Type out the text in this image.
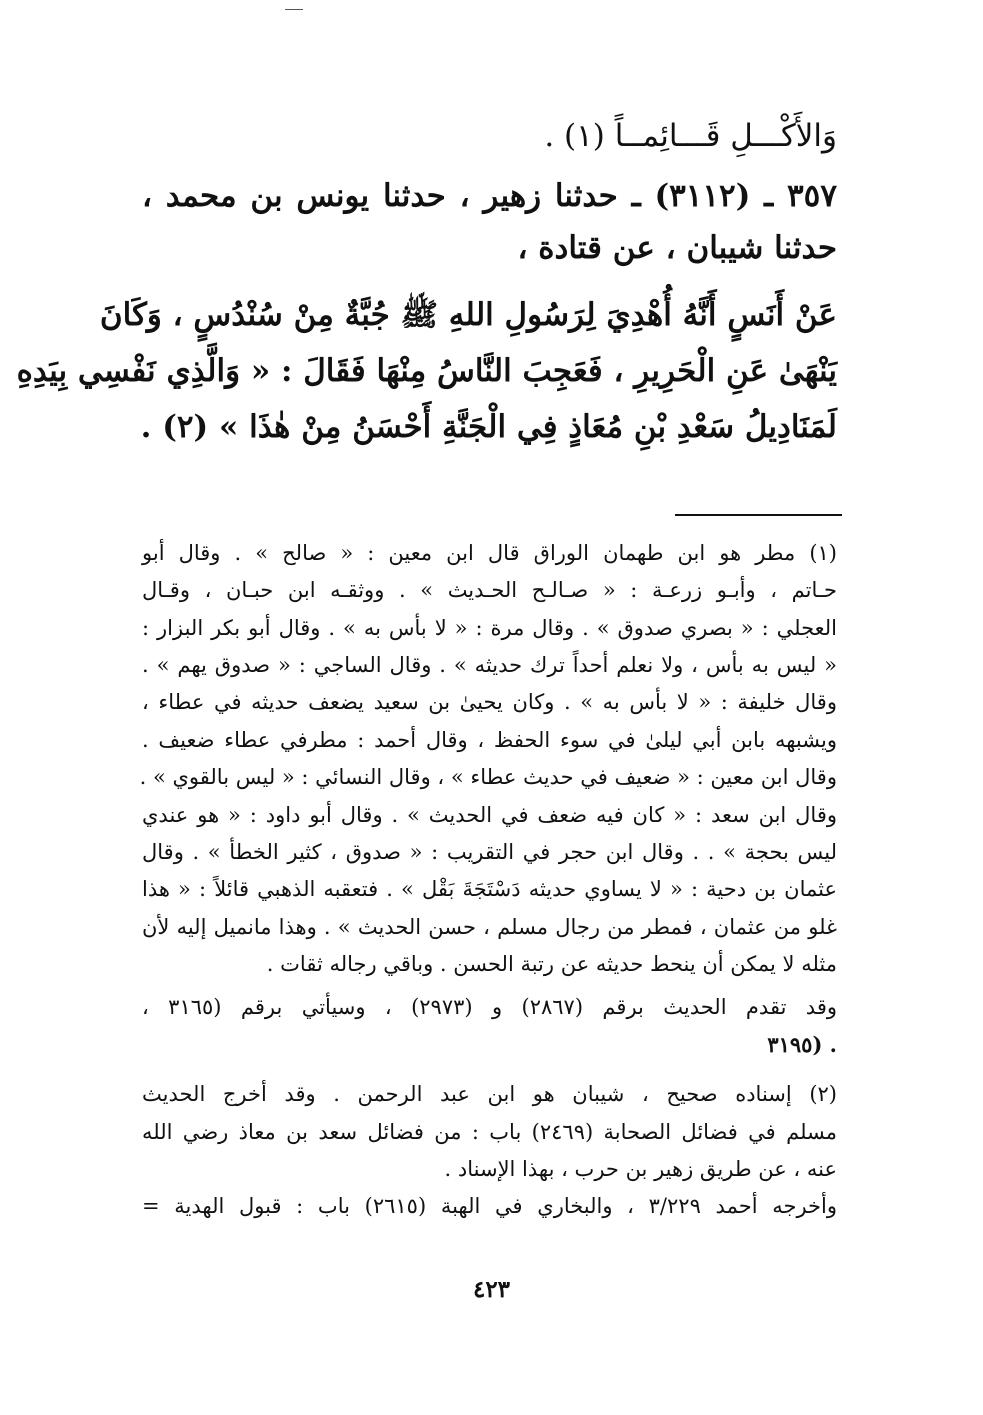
وَالأَكْـــلِ قَـــائِمــاً (١) .
٣٥٧ ـ (٣١١٢) ـ حدثنا زهير ، حدثنا يونس بن محمد ،
حدثنا شيبان ، عن قتادة ،
عَنْ أَنَسٍ أَنَّهُ أُهْدِيَ لِرَسُولِ اللهِ ﷺ جُبَّةٌ مِنْ سُنْدُسٍ ، وَكَانَ
يَنْهَىٰ عَنِ الْحَرِيرِ ، فَعَجِبَ النَّاسُ مِنْهَا فَقَالَ : « وَالَّذِي نَفْسِي بِيَدِهِ
لَمَنَادِيلُ سَعْدِ بْنِ مُعَاذٍ فِي الْجَنَّةِ أَحْسَنُ مِنْ هٰذَا » (٢) .
(١) مطر هو ابن طهمان الوراق قال ابن معين : « صالح » . وقال أبو
حـاتم ، وأبـو زرعـة : « صـالـح الحـديث » . ووثقـه ابن حبـان ، وقـال
العجلي : « بصري صدوق » . وقال مرة : « لا بأس به » . وقال أبو بكر البزار :
« ليس به بأس ، ولا نعلم أحداً ترك حديثه » . وقال الساجي : « صدوق يهم » .
وقال خليفة : « لا بأس به » . وكان يحيىٰ بن سعيد يضعف حديثه في عطاء ،
ويشبهه بابن أبي ليلىٰ في سوء الحفظ ، وقال أحمد : مطرفي عطاء ضعيف .
وقال ابن معين : « ضعيف في حديث عطاء » ، وقال النسائي : « ليس بالقوي » .
وقال ابن سعد : « كان فيه ضعف في الحديث » . وقال أبو داود : « هو عندي
ليس بحجة » . . وقال ابن حجر في التقريب : « صدوق ، كثير الخطأ » . وقال
عثمان بن دحية : « لا يساوي حديثه دَسْتَجَةَ بَقْل » . فتعقبه الذهبي قائلاً : « هذا
غلو من عثمان ، فمطر من رجال مسلم ، حسن الحديث » . وهذا مانميل إليه لأن
مثله لا يمكن أن ينحط حديثه عن رتبة الحسن . وباقي رجاله ثقات .
وقد تقدم الحديث برقم (٢٨٦٧) و (٢٩٧٣) ، وسيأتي برقم (٣١٦٥ ،
. (٣١٩٥
(٢) إسناده صحيح ، شيبان هو ابن عبد الرحمن . وقد أخرج الحديث
مسلم في فضائل الصحابة (٢٤٦٩) باب : من فضائل سعد بن معاذ رضي الله
عنه ، عن طريق زهير بن حرب ، بهذا الإسناد .
وأخرجه أحمد ٣/٢٢٩ ، والبخاري في الهبة (٢٦١٥) باب : قبول الهدية =
٤٢٣
